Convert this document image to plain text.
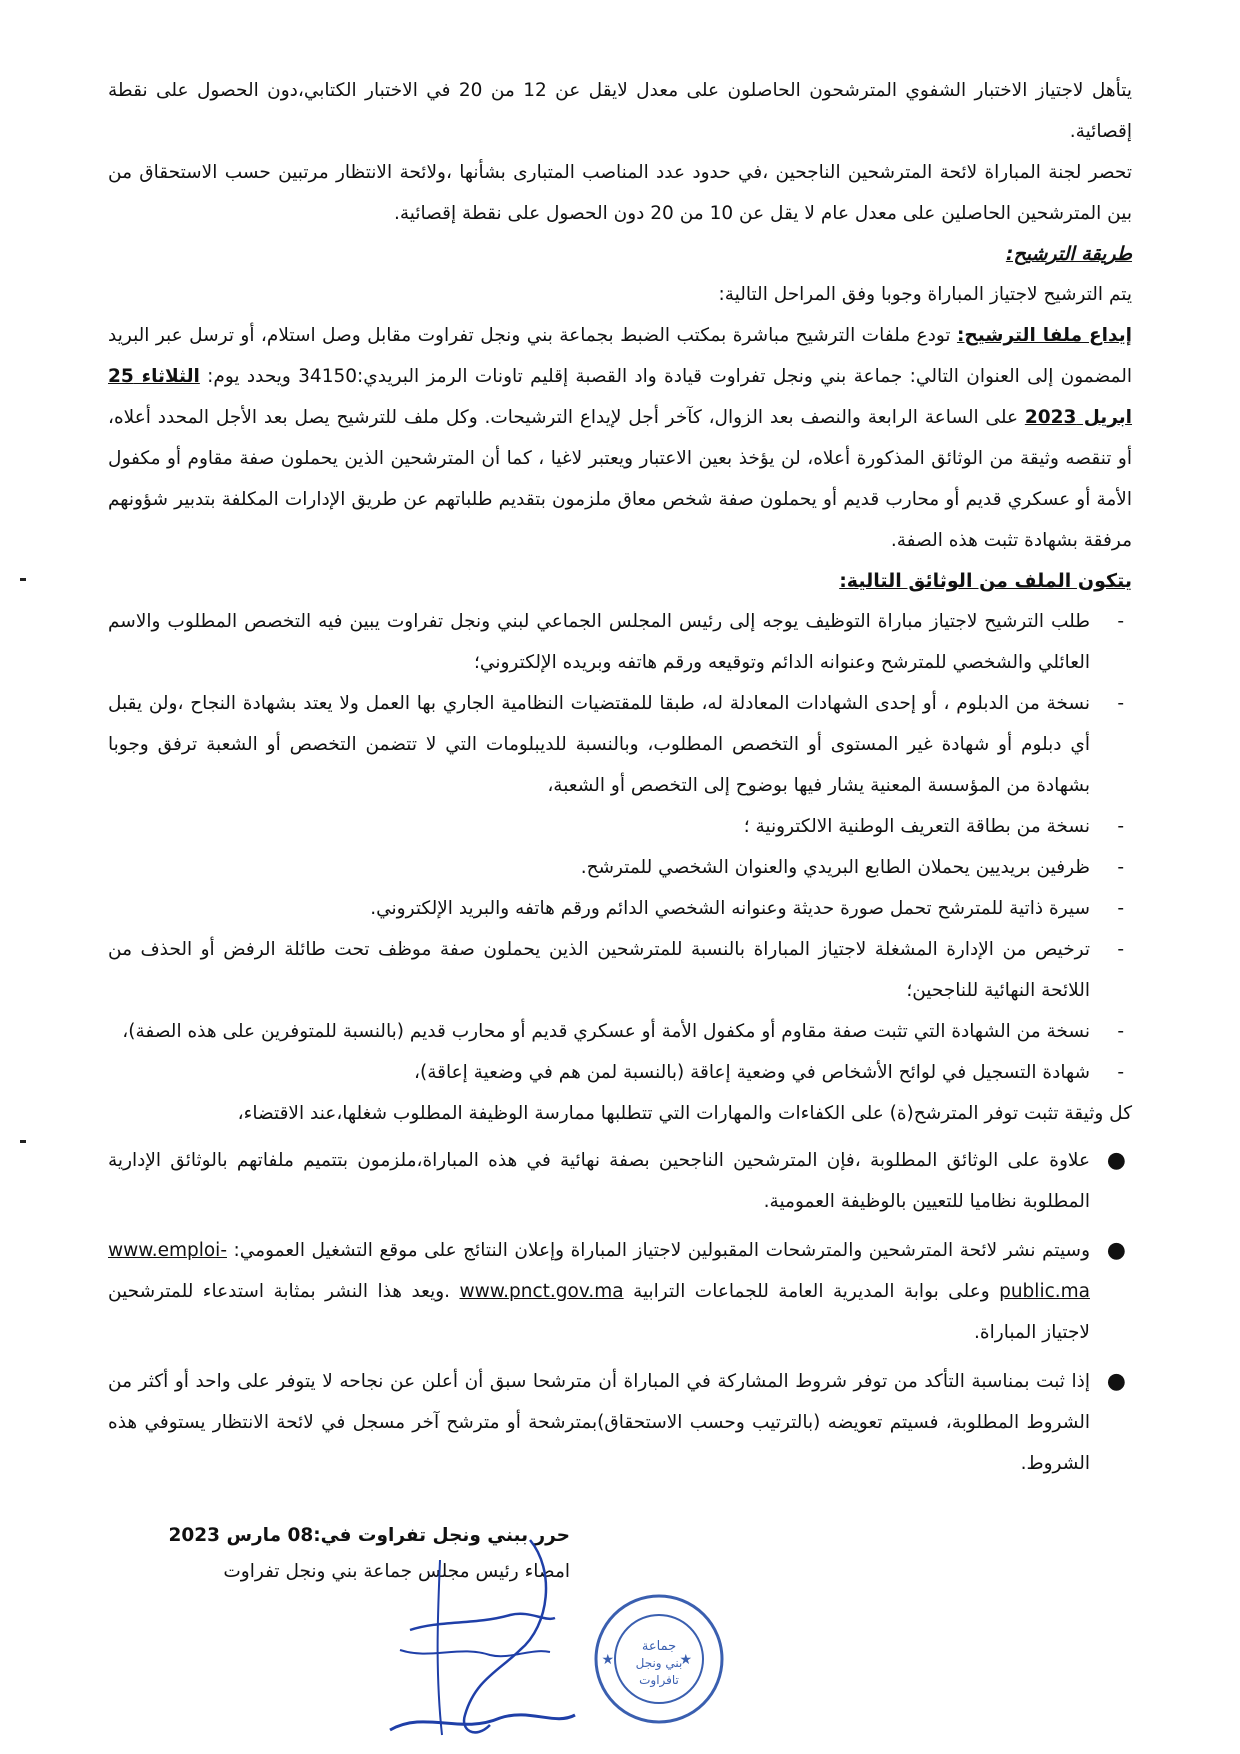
يتأهل لاجتياز الاختبار الشفوي المترشحون الحاصلون على معدل لايقل عن 12 من 20 في الاختبار الكتابي،دون الحصول على نقطة إقصائية.

تحصر لجنة المباراة لائحة المترشحين الناجحين ،في حدود عدد المناصب المتبارى بشأنها ،ولائحة الانتظار مرتبين حسب الاستحقاق من بين المترشحين الحاصلين على معدل عام لا يقل عن 10 من 20 دون الحصول على نقطة إقصائية.

طريقة الترشيح:

يتم الترشيح لاجتياز المباراة وجوبا وفق المراحل التالية:

إيداع ملفا الترشيح: تودع ملفات الترشيح مباشرة بمكتب الضبط بجماعة بني ونجل تفراوت مقابل وصل استلام، أو ترسل عبر البريد المضمون إلى العنوان التالي: جماعة بني ونجل تفراوت قيادة واد القصبة إقليم تاونات الرمز البريدي:34150 ويحدد يوم: الثلاثاء 25 ابريل 2023 على الساعة الرابعة والنصف بعد الزوال، كآخر أجل لإيداع الترشيحات. وكل ملف للترشيح يصل بعد الأجل المحدد أعلاه، أو تنقصه وثيقة من الوثائق المذكورة أعلاه، لن يؤخذ بعين الاعتبار ويعتبر لاغيا ، كما أن المترشحين الذين يحملون صفة مقاوم أو مكفول الأمة أو عسكري قديم أو محارب قديم أو يحملون صفة شخص معاق ملزمون بتقديم طلباتهم عن طريق الإدارات المكلفة بتدبير شؤونهم مرفقة بشهادة تثبت هذه الصفة.

يتكون الملف من الوثائق التالية:
-
طلب الترشيح لاجتياز مباراة التوظيف يوجه إلى رئيس المجلس الجماعي لبني ونجل تفراوت يبين فيه التخصص المطلوب والاسم العائلي والشخصي للمترشح وعنوانه الدائم وتوقيعه ورقم هاتفه وبريده الإلكتروني؛
-
نسخة من الدبلوم ، أو إحدى الشهادات المعادلة له، طبقا للمقتضيات النظامية الجاري بها العمل ولا يعتد بشهادة النجاح ،ولن يقبل أي دبلوم أو شهادة غير المستوى أو التخصص المطلوب، وبالنسبة للديبلومات التي لا تتضمن التخصص أو الشعبة ترفق وجوبا بشهادة من المؤسسة المعنية يشار فيها بوضوح إلى التخصص أو الشعبة،
-
نسخة من بطاقة التعريف الوطنية الالكترونية ؛
-
ظرفين بريديين يحملان الطابع البريدي والعنوان الشخصي للمترشح.
-
سيرة ذاتية للمترشح تحمل صورة حديثة وعنوانه الشخصي الدائم ورقم هاتفه والبريد الإلكتروني.
-
ترخيص من الإدارة المشغلة لاجتياز المباراة بالنسبة للمترشحين الذين يحملون صفة موظف تحت طائلة الرفض أو الحذف من اللائحة النهائية للناجحين؛
-
نسخة من الشهادة التي تثبت صفة مقاوم أو مكفول الأمة أو عسكري قديم أو محارب قديم (بالنسبة للمتوفرين على هذه الصفة)،
-
شهادة التسجيل في لوائح الأشخاص في وضعية إعاقة (بالنسبة لمن هم في وضعية إعاقة)،

كل وثيقة تثبت توفر المترشح(ة) على الكفاءات والمهارات التي تتطلبها ممارسة الوظيفة المطلوب شغلها،عند الاقتضاء،

●
علاوة على الوثائق المطلوبة ،فإن المترشحين الناجحين بصفة نهائية في هذه المباراة،ملزمون بتتميم ملفاتهم بالوثائق الإدارية المطلوبة نظاميا للتعيين بالوظيفة العمومية.
●
وسيتم نشر لائحة المترشحين والمترشحات المقبولين لاجتياز المباراة وإعلان النتائج على موقع التشغيل العمومي: www.emploi-public.ma وعلى بوابة المديرية العامة للجماعات الترابية www.pnct.gov.ma .ويعد هذا النشر بمثابة استدعاء للمترشحين لاجتياز المباراة.
●
إذا ثبت بمناسبة التأكد من توفر شروط المشاركة في المباراة أن مترشحا سبق أن أعلن عن نجاحه لا يتوفر على واحد أو أكثر من الشروط المطلوبة، فسيتم تعويضه (بالترتيب وحسب الاستحقاق)بمترشحة أو مترشح آخر مسجل في لائحة الانتظار يستوفي هذه الشروط.
حرر ببني ونجل تفراوت في:08 مارس 2023
امضاء رئيس مجلس جماعة بني ونجل تفراوت
جماعة
بني ونجل
تافراوت
★	★
